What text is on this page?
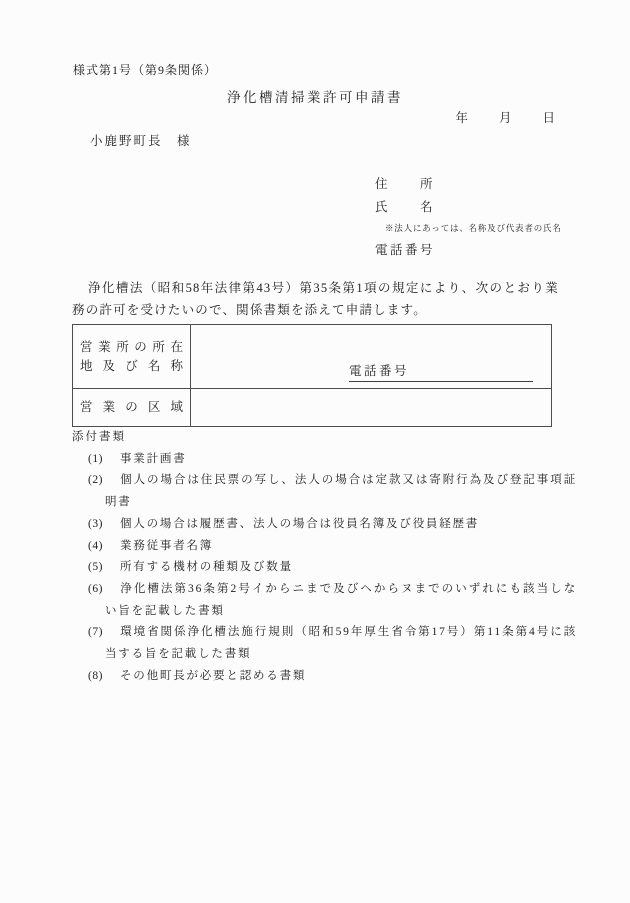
様式第1号（第9条関係）
浄化槽清掃業許可申請書
年　　月　　日
小鹿野町長　様
住　　所
氏　　名
※法人にあっては、名称及び代表者の氏名
電話番号

浄化槽法（昭和58年法律第43号）第35条第1項の規定により、次のとおり業務の許可を受けたいので、関係書類を添えて申請します。

営業所の所在
地及び名称	電話番号

営業の区域	

添付書類
(1) 事業計画書
(2) 個人の場合は住民票の写し、法人の場合は定款又は寄附行為及び登記事項証明書
(3) 個人の場合は履歴書、法人の場合は役員名簿及び役員経歴書
(4) 業務従事者名簿
(5) 所有する機材の種類及び数量
(6) 浄化槽法第36条第2号イからニまで及びヘからヌまでのいずれにも該当しない旨を記載した書類
(7) 環境省関係浄化槽法施行規則（昭和59年厚生省令第17号）第11条第4号に該当する旨を記載した書類
(8) その他町長が必要と認める書類
